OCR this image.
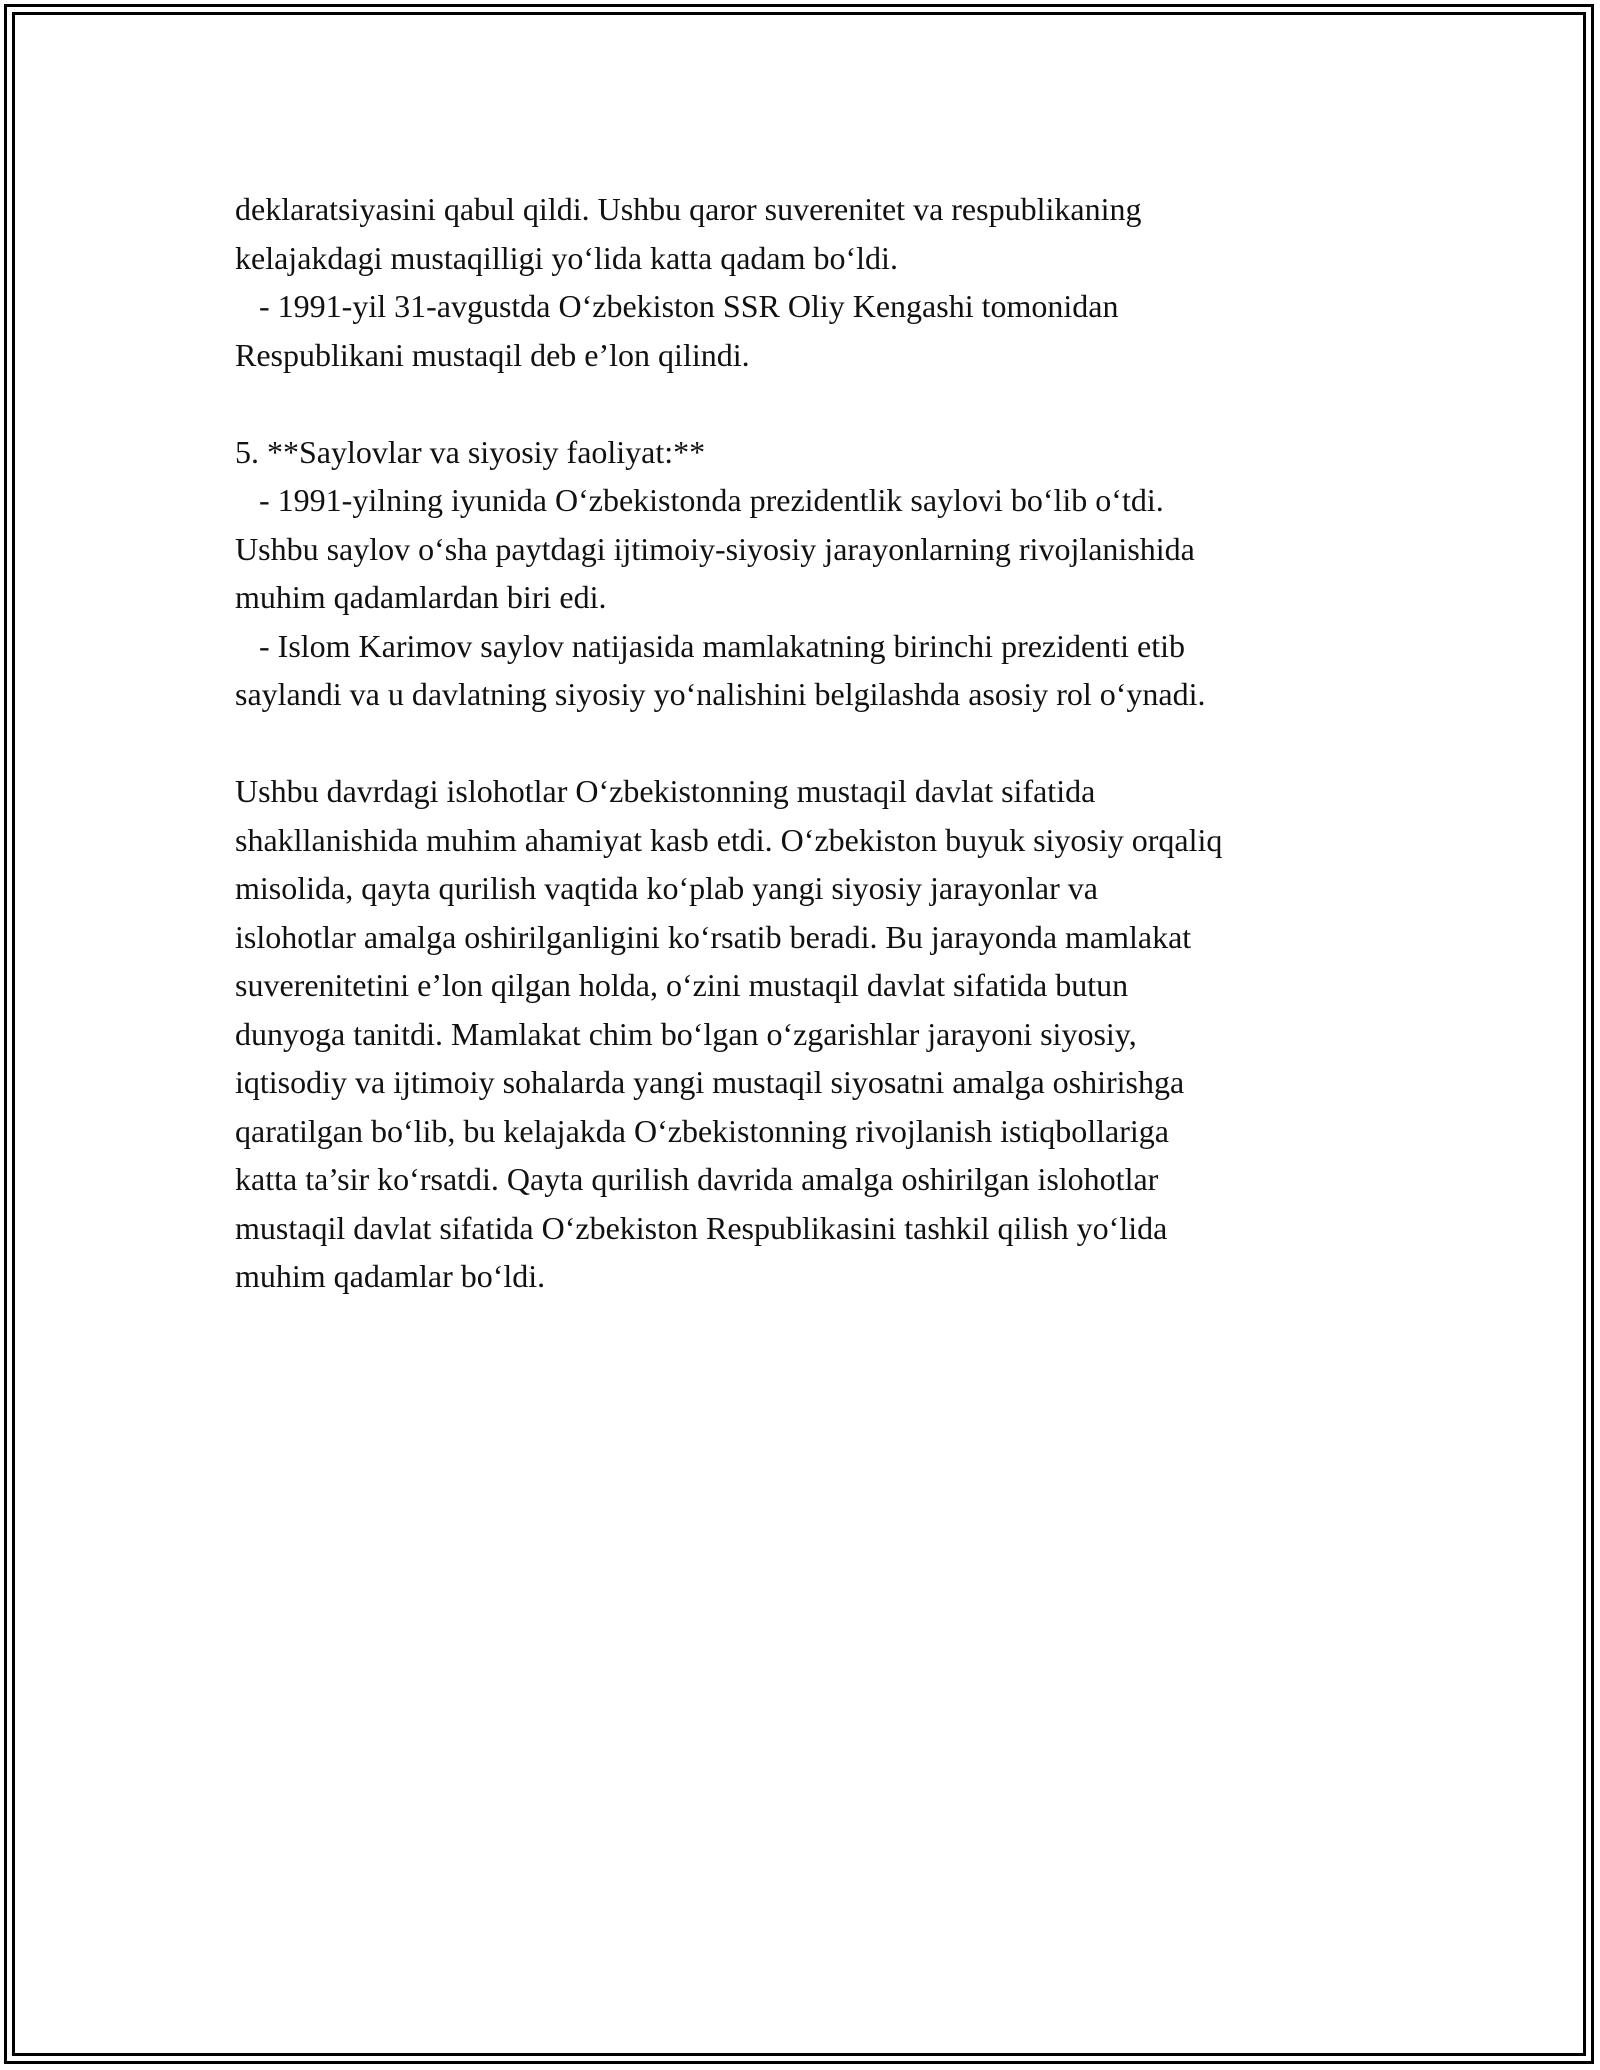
deklaratsiyasini qabul qildi. Ushbu qaror suverenitet va respublikaning
kelajakdagi mustaqilligi yo‘lida katta qadam bo‘ldi.
- 1991-yil 31-avgustda O‘zbekiston SSR Oliy Kengashi tomonidan
Respublikani mustaqil deb e’lon qilindi.
5. **Saylovlar va siyosiy faoliyat:**
- 1991-yilning iyunida O‘zbekistonda prezidentlik saylovi bo‘lib o‘tdi.
Ushbu saylov o‘sha paytdagi ijtimoiy-siyosiy jarayonlarning rivojlanishida
muhim qadamlardan biri edi.
- Islom Karimov saylov natijasida mamlakatning birinchi prezidenti etib
saylandi va u davlatning siyosiy yo‘nalishini belgilashda asosiy rol o‘ynadi.
Ushbu davrdagi islohotlar O‘zbekistonning mustaqil davlat sifatida
shakllanishida muhim ahamiyat kasb etdi. O‘zbekiston buyuk siyosiy orqaliq
misolida, qayta qurilish vaqtida ko‘plab yangi siyosiy jarayonlar va
islohotlar amalga oshirilganligini ko‘rsatib beradi. Bu jarayonda mamlakat
suverenitetini e’lon qilgan holda, o‘zini mustaqil davlat sifatida butun
dunyoga tanitdi. Mamlakat chim bo‘lgan o‘zgarishlar jarayoni siyosiy,
iqtisodiy va ijtimoiy sohalarda yangi mustaqil siyosatni amalga oshirishga
qaratilgan bo‘lib, bu kelajakda O‘zbekistonning rivojlanish istiqbollariga
katta ta’sir ko‘rsatdi. Qayta qurilish davrida amalga oshirilgan islohotlar
mustaqil davlat sifatida O‘zbekiston Respublikasini tashkil qilish yo‘lida
muhim qadamlar bo‘ldi.
